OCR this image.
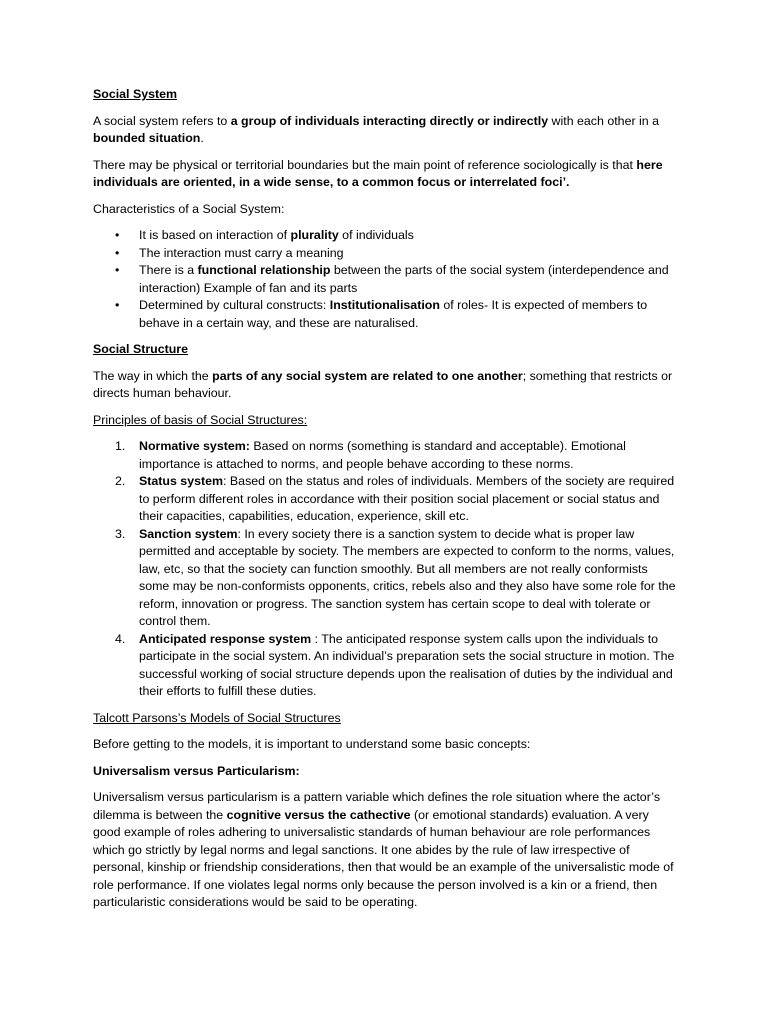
Social System

A social system refers to a group of individuals interacting directly or indirectly with each other in a bounded situation.

There may be physical or territorial boundaries but the main point of reference sociologically is that here individuals are oriented, in a wide sense, to a common focus or interrelated foci’.

Characteristics of a Social System:

• It is based on interaction of plurality of individuals
• The interaction must carry a meaning
• There is a functional relationship between the parts of the social system (interdependence and interaction) Example of fan and its parts
• Determined by cultural constructs: Institutionalisation of roles- It is expected of members to behave in a certain way, and these are naturalised.

Social Structure

The way in which the parts of any social system are related to one another; something that restricts or directs human behaviour.

Principles of basis of Social Structures:

1. Normative system: Based on norms (something is standard and acceptable). Emotional importance is attached to norms, and people behave according to these norms.
2. Status system: Based on the status and roles of individuals. Members of the society are required to perform different roles in accordance with their position social placement or social status and their capacities, capabilities, education, experience, skill etc.
3. Sanction system: In every society there is a sanction system to decide what is proper law permitted and acceptable by society. The members are expected to conform to the norms, values, law, etc, so that the society can function smoothly. But all members are not really conformists some may be non-conformists opponents, critics, rebels also and they also have some role for the reform, innovation or progress. The sanction system has certain scope to deal with tolerate or control them.
4. Anticipated response system : The anticipated response system calls upon the individuals to participate in the social system. An individual’s preparation sets the social structure in motion. The successful working of social structure depends upon the realisation of duties by the individual and their efforts to fulfill these duties.

Talcott Parsons’s Models of Social Structures

Before getting to the models, it is important to understand some basic concepts:

Universalism versus Particularism:

Universalism versus particularism is a pattern variable which defines the role situation where the actor’s dilemma is between the cognitive versus the cathective (or emotional standards) evaluation. A very good example of roles adhering to universalistic standards of human behaviour are role performances which go strictly by legal norms and legal sanctions. It one abides by the rule of law irrespective of personal, kinship or friendship considerations, then that would be an example of the universalistic mode of role performance. If one violates legal norms only because the person involved is a kin or a friend, then particularistic considerations would be said to be operating.
